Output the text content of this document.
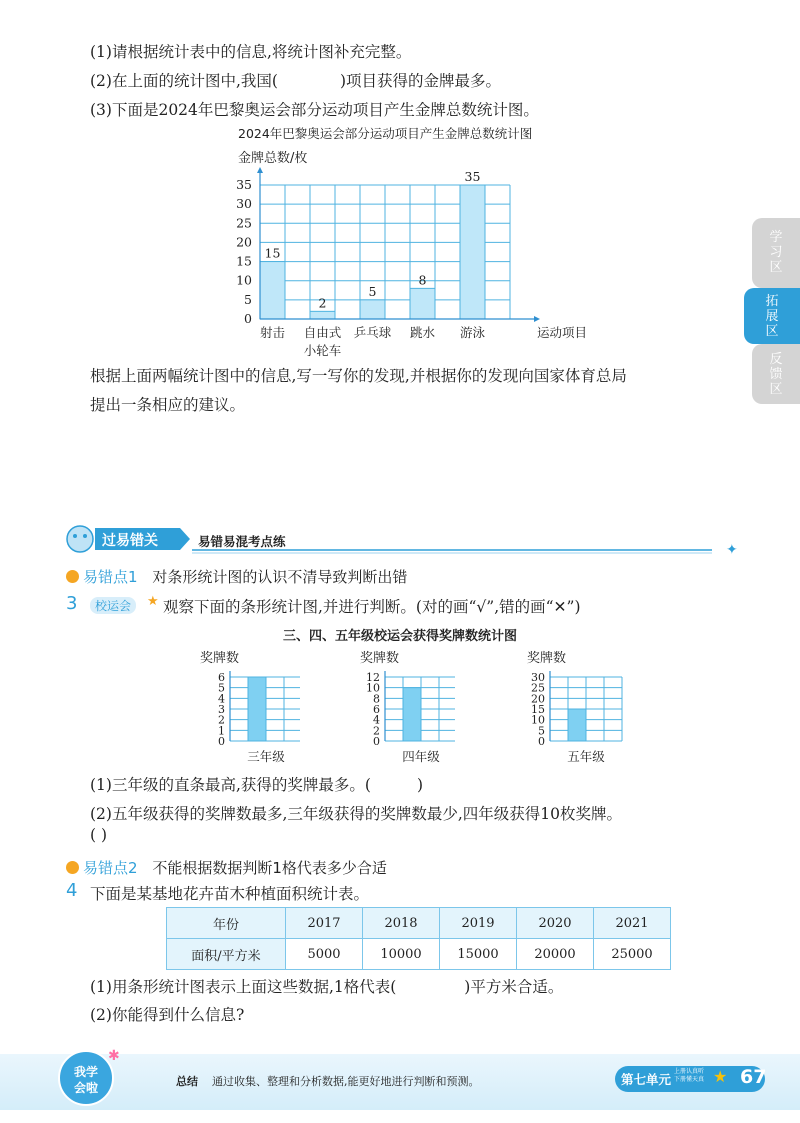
(1)请根据统计表中的信息,将统计图补充完整。
(2)在上面的统计图中,我国(	)项目获得的金牌最多。
(3)下面是2024年巴黎奥运会部分运动项目产生金牌总数统计图。
2024年巴黎奥运会部分运动项目产生金牌总数统计图
金牌总数/枚
0
5
10
15
20
25
30
35
15
射击
2
自由式
小轮车
5
乒乓球
8
跳水
35
游泳	运动项目
根据上面两幅统计图中的信息,写一写你的发现,并根据你的发现向国家体育总局
提出一条相应的建议。
学习区
拓展区
反馈区
✦
过易错关	易错易混考点练
易错点1 对条形统计图的认识不清导致判断出错
3	校运会	★ 观察下面的条形统计图,并进行判断。(对的画“√”,错的画“✕”)
三、四、五年级校运会获得奖牌数统计图
奖牌数
0
1
2
3
4
5
6
三年级
奖牌数
0
2
4
6
8
10
12
四年级
奖牌数
0
5
10
15
20
25
30
五年级
(1)三年级的直条最高,获得的奖牌最多。(	)
(2)五年级获得的奖牌数最多,三年级获得的奖牌数最少,四年级获得10枚奖牌。
( )
易错点2 不能根据数据判断1格代表多少合适
4 下面是某基地花卉苗木种植面积统计表。
年份	2017	2018	2019	2020	2021
面积/平方米	5000	10000	15000	20000	25000
(1)用条形统计图表示上面这些数据,1格代表(	)平方米合适。
(2)你能得到什么信息?
我学
会啦
✱
总结 通过收集、整理和分析数据,能更好地进行判断和预测。	第七单元
上册认真听
下册懂天真 ★ 67
